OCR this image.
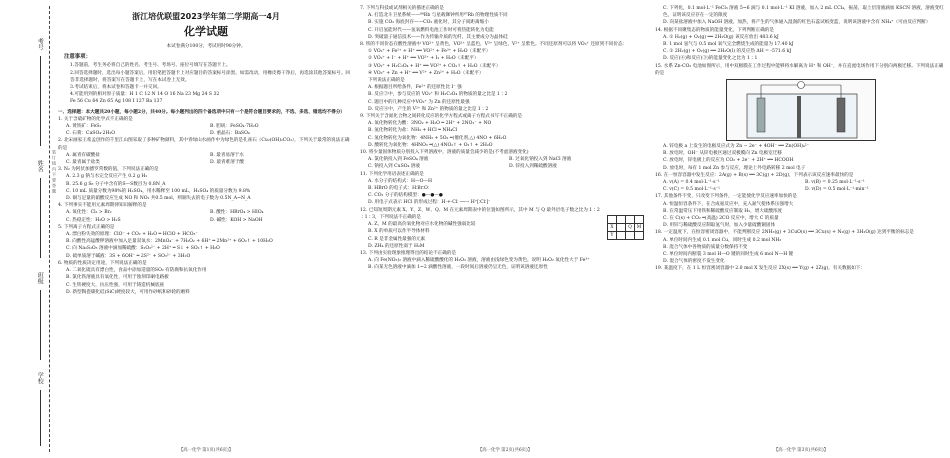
考号
姓名
班级
学校
装 订 线 内 不 要 答 题
浙江培优联盟2023学年第二学期高一4月
化学试题
本试卷满分100分，考试用时90分钟。
注意事项：
1.答题前，考生务必将自己的姓名、考生号、考场号、座位号填写在答题卡上。
2.回答选择题时，选出每小题答案后，用铅笔把答题卡上对应题目的答案标号涂黑。如需改动，用橡皮擦干净后，再选涂其他答案标号。回答非选择题时，将答案写在答题卡上，写在本试卷上无效。
3.考试结束后，将本试卷和答题卡一并交回。
4.可能用到的相对原子质量：H 1 C 12 N 14 O 16 Na 23 Mg 24 S 32
Fe 56 Cu 64 Zn 65 Ag 108 I 127 Ba 137
一、选择题：本大题共20小题，每小题2分，共40分。每小题列出的四个备选项中只有一个是符合题目要求的，不选、多选、错选均不得分）
1. 关于含硫矿物的化学式不正确的是
A. 黄铁矿：FeS₂	B. 胆矾：FeSO₄·7H₂O
C. 石膏：CaSO₄·2H₂O	D. 重晶石：BaSO₄
2. 北宋画家王希孟创作的千里江山图采取了多种矿物颜料，其中青绿山水画作中为绿色的是孔雀石（Cu₂(OH)₂CO₃），下列关于最常的说法正确的是
A. 属青有碳酸盐	B. 最青易溶于水
C. 最青属于盐类	D. 最青难溶于酸
3. N₂ 为阿伏加德罗常数的值，下列说法正确的是
A. 2.3 g 钠与水完全反应产生 0.2 g H₂
B. 25.6 g S₈ 分子中含有的S—S数目为 0.8N_A
C. 10 mL 质量分数为98%的 H₂SO₄，用水稀释至 100 mL，H₂SO₄ 的质量分数为 9.8%
D. 铜与足量的硝酸反应生成 NO 和 NO₂ 共0.5 mol，则铜失去的电子数为 0.5N_A~N_A
4. 下列事实不能用元素周期律知识解释的是
A. 氧化性：Cl₂ > Br₂	B. 酸性：HBrO₄ > HIO₄
C. 热稳定性：H₂O > H₂S	D. 碱性：KOH > NaOH
5. 下列离子方程式正确的是
A. 漂白粉失效的原理：ClO⁻ + CO₂ + H₂O ═ HClO + HCO₃⁻
B. 向酸性高锰酸钾溶液中加入足量双氧水：2MnO₄⁻ + 7H₂O₂ + 6H⁺ ═ 2Mn²⁺ + 6O₂↑ + 10H₂O
C. 向 Na₂S₂O₃ 溶液中滴加稀硫酸：S₂O₃²⁻ + 2H⁺ ═ S↓ + SO₂↑ + H₂O
D. 硫单质溶于碱液：3S + 6OH⁻ ═ 2S²⁻ + SO₃²⁻ + 3H₂O
6. 物质的性质决定用途，下列说法正确的是
A. 二氧化硫具有漂白性，食品中添加适量的SO₂ 有防腐和抗氧化作用
B. 氯化铁溶液具有氧化性，可用于蚀刻印刷电路板
C. 生铁硬度大，抗压性强，可用于铸造机械底座
D. 新型陶瓷碳化硅(SiC)硬度较大，可用作砂纸和砂轮的磨料
【高一化学 第1页(共6页)】
7. 下列与科技或试剂相关的描述正确的是
A. 打造北斗卫星系统——⁸⁸Rb 与星载铷钟所用⁸⁷Rb 的物理性质不同
B. 实施 CO₂ 海底封存——CO₂ 液化时，其分子间距离缩小
C. 开启氢能时代——氢氧燃料电池工作时可将热能转化为电能
D. 突破量子通信技术——作为传输介质的光纤，其主要成分为晶体硅
8. 铁的不同价态在酸性溶液中 VO²⁺ 呈黄色，VO²⁺ 呈蓝色，V³⁺ 呈绿色，V²⁺ 呈紫色。不同还原剂可以将 VO₂⁺ 还原到不同价态：
① VO₂⁺ + Fe²⁺ + H⁺ ══ VO²⁺ + Fe³⁺ + H₂O（未配平）
② VO₂⁺ + I⁻ + H⁺ ══ VO²⁺ + I₂ + H₂O（未配平）
③ VO₂⁺ + H₂C₂O₄ + H⁺ ══ VO²⁺ + CO₂↑ + H₂O（未配平）
④ VO₂⁺ + Zn + H⁺ ══ V²⁺ + Zn²⁺ + H₂O（未配平）
下列说法正确的是
A. 根据题目所给条件，Fe²⁺ 的还原性比 I⁻ 强
B. 反应②中，参与反应的 VO₂⁺ 和 H₂C₂O₄ 的物质的量之比是 1∶2
C. 题目中的几种反应中VO₂⁺ 为 Zn 的还原性最强
D. 反应④中，产生的 V²⁺ 和 Zn²⁺ 的物质的量之比是 1∶2
9. 下列关于含氮化合物之间转化反应的化学方程式或离子方程式书写不正确的是
A. 氧化物转化为酸：3NO₂ + H₂O ═ 2H⁺ + 2NO₃⁻ + NO
B. 氢化物转化为盐：NH₃ + HCl ═ NH₄Cl
C. 氢化物转化为氧化物：4NH₃ + 5O₂ ═(催化剂,△) 4NO + 6H₂O
D. 酸转化为氧化物：4HNO₃ ═(△) 4NO₂↑ + O₂↑ + 2H₂O
10. 将少量固体物质分别投入下列溶液中，溶液的质量会减少的是(不考虑溶液变化)
A. 氯化钠投入到 FeSO₄ 溶液	B. 过氧化钠投入到 NaCl 溶液
C. 钠投入到 CuSO₄ 溶液	D. 锌投入到稀硫酸溶液
11. 下列化学用语表述正确的是
A. 水分子的结构式：H—O—H
B. HBrO 的电子式：H∶Br∶O∶
C. CO₂ 分子的结构模型：●—●—●
D. 用电子式表示 HCl 的形成过程：H·+·Cl∶ ──→ H⁺[∶Cl∶]⁻
12. 已知短周期元素 X、Y、Z、W、Q、M 在元素周期表中的位置如图所示，其中 M 与 Q 最外层电子数之比为 1∶2 ∶1∶3，下列说法不正确的是
X	Q	M
Y
A. Z、M 的最高价氧化物对应水化物的碱性强弱比较
B. X 的单质可以作半导体材料
C. R 是非金属性最强的元素
D. ZH₄ 的还原性弱于 H₂M
13. 下列由实验现象推理得出的结论不正确的是
A. 向 Fe(NO₃)₂ 溶液中滴入稀硫酸酸化的 H₂O₂ 溶液，溶液由浅绿色变为黄色，说明 H₂O₂ 氧化性大于 Fe³⁺
B. 向某无色溶液中滴加 1~2 滴酸性溶液，一段时间后溶液仍呈无色，证明该溶液还原性
【高一化学 第2页(共6页)】
C. 下列化，0.1 mol·L⁻¹ FeCl₃ 溶液 5~6 滴与 0.1 mol·L⁻¹ KI 溶液，加入 2 mL CCl₄，振荡，取上层清液滴加 KSCN 溶液，溶液变红色，证明该反应存在一定的限度
D. 向某盐溶液中加入 NaOH 溶液，加热，将产生的气体通入湿润的红色石蕊试纸变蓝，说明该溶液中含有 NH₄⁺（可由反应判断）
14. 根据不同聚集态的物质的能量变化，下列判断正确的是
A. ① H₂(g) + O₂(g) ══ 2H₂O(g) 该反应放出 483.6 kJ
B. 1 mol 氢气与 0.5 mol 氧气完全燃烧生成的能量为 17.40 kJ
C. ① 2H₂(g) + O₂(g) ══ 2H₂O(l) 的反应热 ΔH = -571.6 kJ
D. 反应(④)和反应(③)的能量变化之比为 1∶1
15. 水系 Zn-CO₂ 电池如图所示，用中双极膜在工作过程中能够将水解离为 H⁺ 和 OH⁻，并在直流电场作用下分别向两极迁移。下列说法正确的是
A. 锌电极 a 上发生的电极反应式为 Zn − 2e⁻ + 4OH⁻ ══ Zn(OH)₄²⁻
B. 放电时，OH⁻ 从锌电极区通过双极膜向 Zn 电极室迁移
C. 放电时，锌电极上的反应为 CO₂ + 2e⁻ + 2H⁺ ══ HCOOH
D. 放电时，每有 1 mol Zn 参与反应，理论上外电路转移 2 mol 电子
16. 在一恒容容器中发生反应：2A(g) + B(s) ══ 3C(g) + 2D(g)，下列表示该反应速率最快的是
A. v(A) = 0.4 mol·L⁻¹·s⁻¹	B. v(B) = 0.25 mol·L⁻¹·s⁻¹
C. v(C) = 0.5 mol·L⁻¹·s⁻¹	D. v(D) = 0.5 mol·L⁻¹·min⁻¹
17. 其他条件不变，只改变下列条件，一定能使化学反应速率加快的是
A. 恒温恒容条件下，在合成氨反应中，充入氮气使体系压强增大
B. 在常温常压下用铁和稀硫酸反应制取 H₂，增大硫酸浓度
C. 在 C(s) + CO₂ ═(高温) 2CO 反应中，增大 C 的质量
D. 用锌与稀硫酸反应制取氢气时，加入少量硫酸铜固体
18. 一定温度下，在恒容密闭容器中，不能判断反应 2NH₃(g) + 3CuO(s) ══ 3Cu(s) + N₂(g) + 3H₂O(g) 达到平衡的标志是
A. 单位时间内生成 0.1 mol Cu，同时生成 0.2 mol NH₃
B. 混合气体中各物质的质量分数保持不变
C. 单位时间内断裂 3 mol H—O 键的同时生成 6 mol N—H 键
D. 混合气体的密度不发生变化
19. 某温度下，在 1 L 恒容密闭容器中 2.0 mol X 发生反应 2X(s) ══ Y(g) + 2Z(g)，有关数据如下：
【高一化学 第3页(共6页)】
